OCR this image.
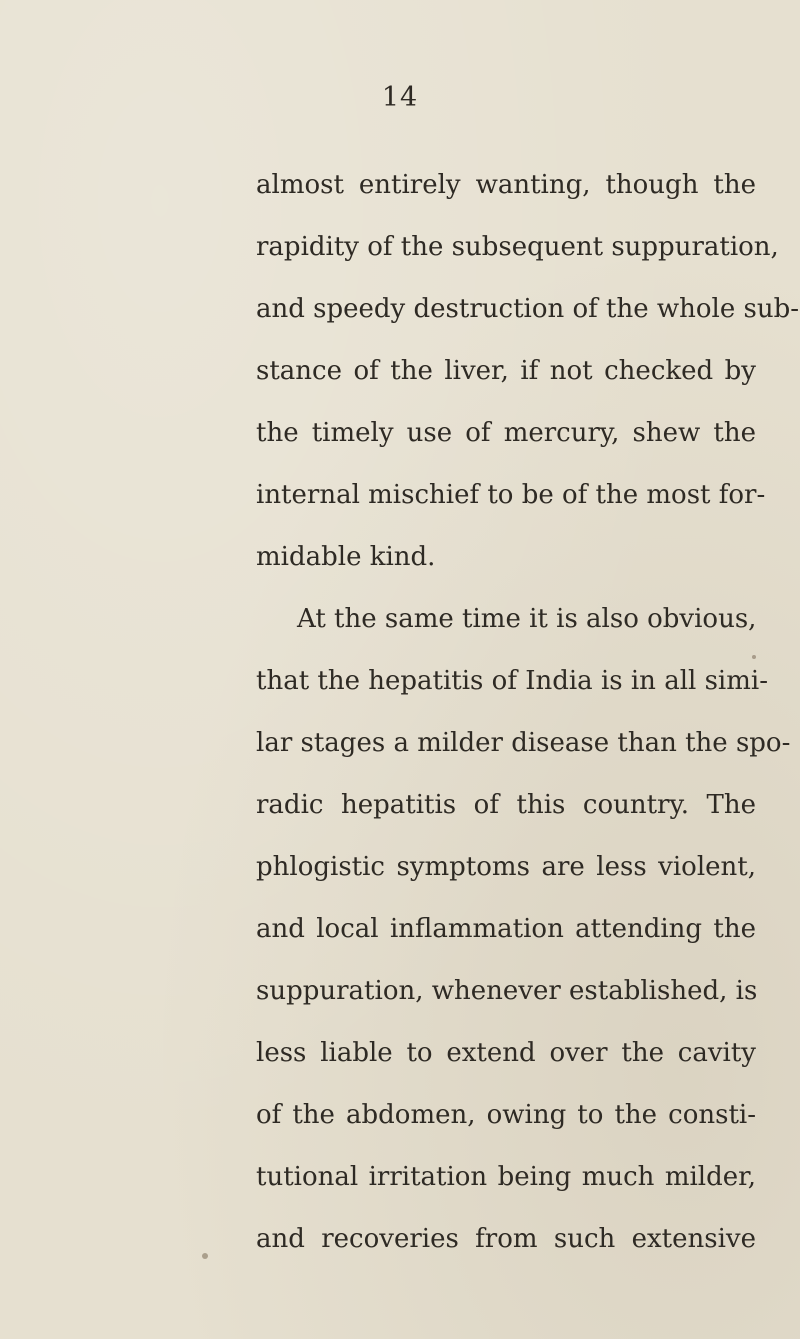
14
almost entirely wanting, though the
rapidity of the subsequent suppuration,
and speedy destruction of the whole sub-
stance of the liver, if not checked by
the timely use of mercury, shew the
internal mischief to be of the most for-
midable kind.
At the same time it is also obvious,
that the hepatitis of India is in all simi-
lar stages a milder disease than the spo-
radic hepatitis of this country. The
phlogistic symptoms are less violent,
and local inflammation attending the
suppuration, whenever established, is
less liable to extend over the cavity
of the abdomen, owing to the consti-
tutional irritation being much milder,
and recoveries from such extensive
